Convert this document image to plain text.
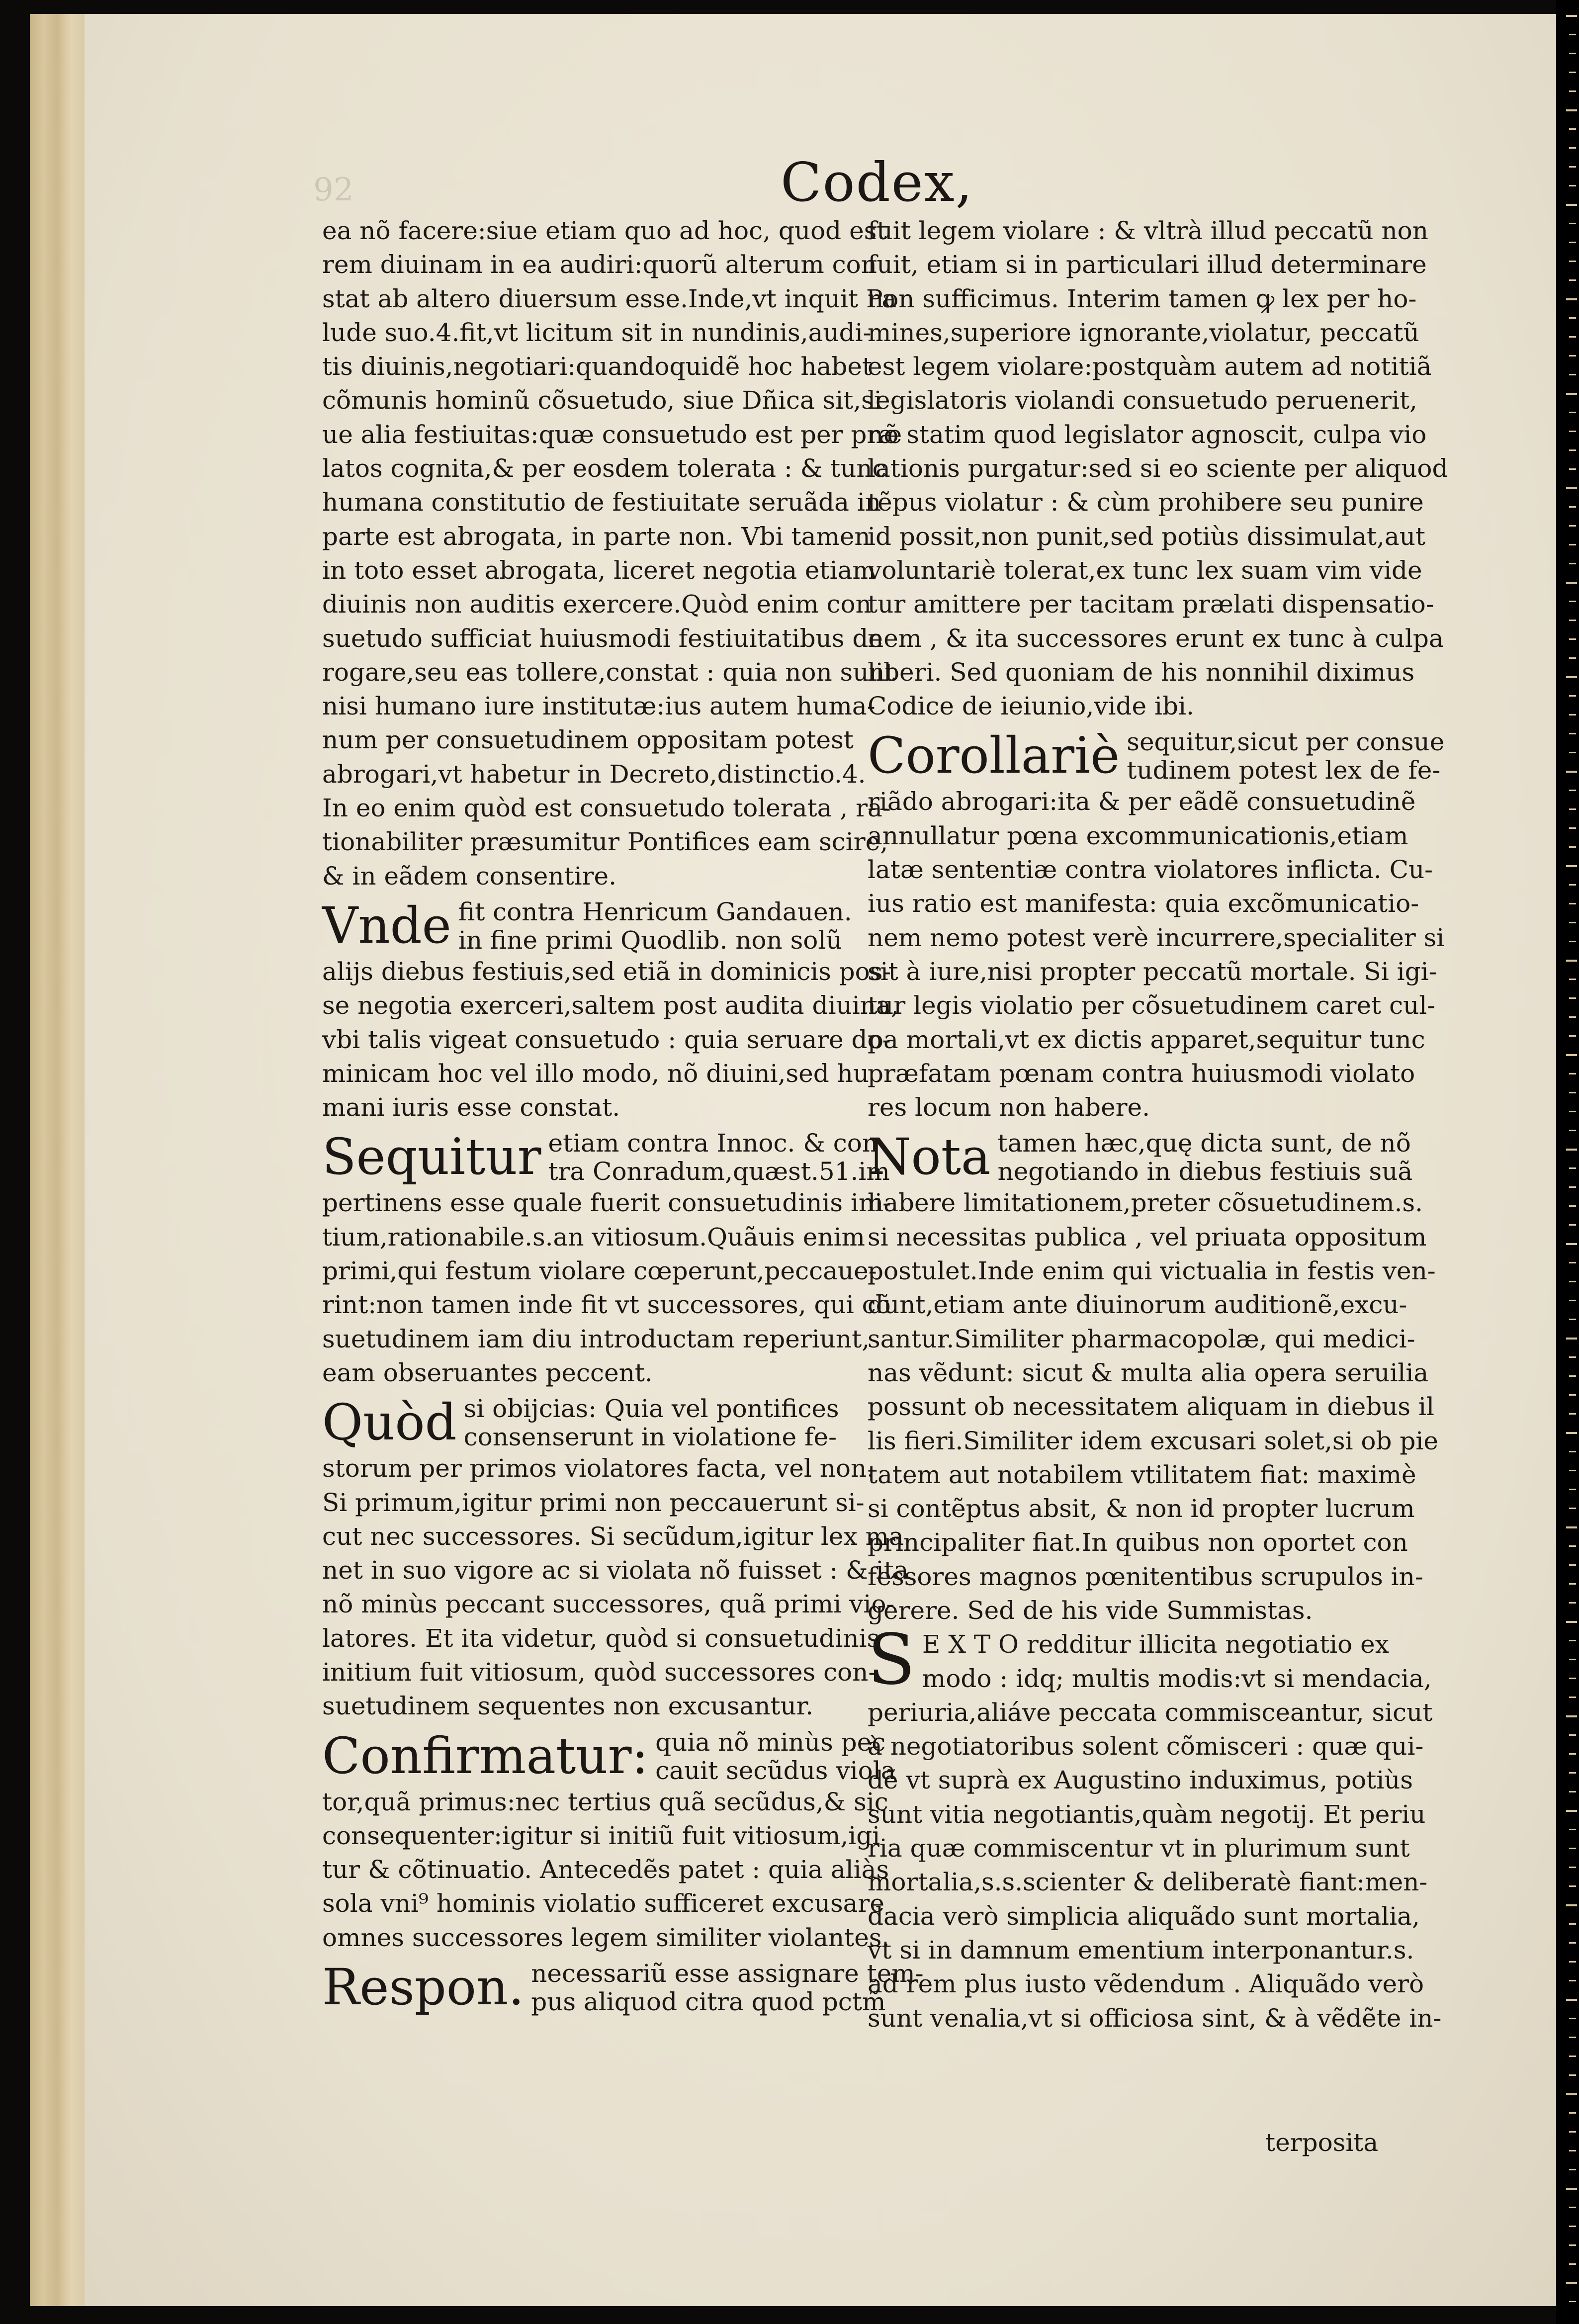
92	Codex,
ea nõ facere:siue etiam quo ad hoc, quod est
rem diuinam in ea audiri:quorũ alterum con
stat ab altero diuersum esse.Inde,vt inquit Pa
lude suo.4.fit,vt licitum sit in nundinis,audi-
tis diuinis,negotiari:quandoquidẽ hoc habet
cõmunis hominũ cõsuetudo, siue Dñica sit,si
ue alia festiuitas:quæ consuetudo est per præ
latos cognita,& per eosdem tolerata : & tunc
humana constitutio de festiuitate seruãda in
parte est abrogata, in parte non. Vbi tamen
in toto esset abrogata, liceret negotia etiam
diuinis non auditis exercere.Quòd enim con
suetudo sufficiat huiusmodi festiuitatibus de
rogare,seu eas tollere,constat : quia non sunt
nisi humano iure institutæ:ius autem huma-
num per consuetudinem oppositam potest
abrogari,vt habetur in Decreto,distinctio.4.
In eo enim quòd est consuetudo tolerata , ra-
tionabiliter præsumitur Pontifices eam scire,
& in eãdem consentire.
Vnde fit contra Henricum Gandauen.
in fine primi Quodlib. non solũ
alijs diebus festiuis,sed etiã in dominicis pos-
se negotia exerceri,saltem post audita diuina,
vbi talis vigeat consuetudo : quia seruare do-
minicam hoc vel illo modo, nõ diuini,sed hu
mani iuris esse constat.
Sequitur etiam contra Innoc. & con
tra Conradum,quæst.51.im
pertinens esse quale fuerit consuetudinis ini-
tium,rationabile.s.an vitiosum.Quãuis enim
primi,qui festum violare cœperunt,peccaue-
rint:non tamen inde fit vt successores, qui cõ
suetudinem iam diu introductam reperiunt,
eam obseruantes peccent.
Quòd si obijcias: Quia vel pontifices
consenserunt in violatione fe-
storum per primos violatores facta, vel non.
Si primum,igitur primi non peccauerunt si-
cut nec successores. Si secũdum,igitur lex ma
net in suo vigore ac si violata nõ fuisset : & ita
nõ minùs peccant successores, quã primi vio-
latores. Et ita videtur, quòd si consuetudinis
initium fuit vitiosum, quòd successores con-
suetudinem sequentes non excusantur.
Confirmatur: quia nõ minùs pec
cauit secũdus viola
tor,quã primus:nec tertius quã secũdus,& sic
consequenter:igitur si initiũ fuit vitiosum,igi
tur & cõtinuatio. Antecedẽs patet : quia aliàs
sola vni⁹ hominis violatio sufficeret excusare
omnes successores legem similiter violantes.
Respon. necessariũ esse assignare tem-
pus aliquod citra quod pctm̃
fuit legem violare : & vltrà illud peccatũ non
fuit, etiam si in particulari illud determinare
non sufficimus. Interim tamen ꝙ lex per ho-
mines,superiore ignorante,violatur, peccatũ
est legem violare:postquàm autem ad notitiã
legislatoris violandi consuetudo peruenerit,
nõ statim quod legislator agnoscit, culpa vio
lationis purgatur:sed si eo sciente per aliquod
tẽpus violatur : & cùm prohibere seu punire
id possit,non punit,sed potiùs dissimulat,aut
voluntariè tolerat,ex tunc lex suam vim vide
tur amittere per tacitam prælati dispensatio-
nem , & ita successores erunt ex tunc à culpa
liberi. Sed quoniam de his nonnihil diximus
Codice de ieiunio,vide ibi.
Corollariè sequitur,sicut per consue
tudinem potest lex de fe-
riãdo abrogari:ita & per eãdẽ consuetudinẽ
annullatur pœna excommunicationis,etiam
latæ sententiæ contra violatores inflicta. Cu-
ius ratio est manifesta: quia excõmunicatio-
nem nemo potest verè incurrere,specialiter si
sit à iure,nisi propter peccatũ mortale. Si igi-
tur legis violatio per cõsuetudinem caret cul-
pa mortali,vt ex dictis apparet,sequitur tunc
præfatam pœnam contra huiusmodi violato
res locum non habere.
Nota tamen hæc,quę dicta sunt, de nõ
negotiando in diebus festiuis suã
habere limitationem,preter cõsuetudinem.s.
si necessitas publica , vel priuata oppositum
postulet.Inde enim qui victualia in festis ven-
dunt,etiam ante diuinorum auditionẽ,excu-
santur.Similiter pharmacopolæ, qui medici-
nas vẽdunt: sicut & multa alia opera seruilia
possunt ob necessitatem aliquam in diebus il
lis fieri.Similiter idem excusari solet,si ob pie
tatem aut notabilem vtilitatem fiat: maximè
si contẽptus absit, & non id propter lucrum
principaliter fiat.In quibus non oportet con
fessores magnos pœnitentibus scrupulos in-
gerere. Sed de his vide Summistas.
S E X T O redditur illicita negotiatio ex
modo : idq; multis modis:vt si mendacia,
periuria,aliáve peccata commisceantur, sicut
à negotiatoribus solent cõmisceri : quæ qui-
dẽ vt suprà ex Augustino induximus, potiùs
sunt vitia negotiantis,quàm negotij. Et periu
ria quæ commiscentur vt in plurimum sunt
mortalia,s.s.scienter & deliberatè fiant:men-
dacia verò simplicia aliquãdo sunt mortalia,
vt si in damnum ementium interponantur.s.
ad rem plus iusto vẽdendum . Aliquãdo verò
sunt venalia,vt si officiosa sint, & à vẽdẽte in-
terposita
